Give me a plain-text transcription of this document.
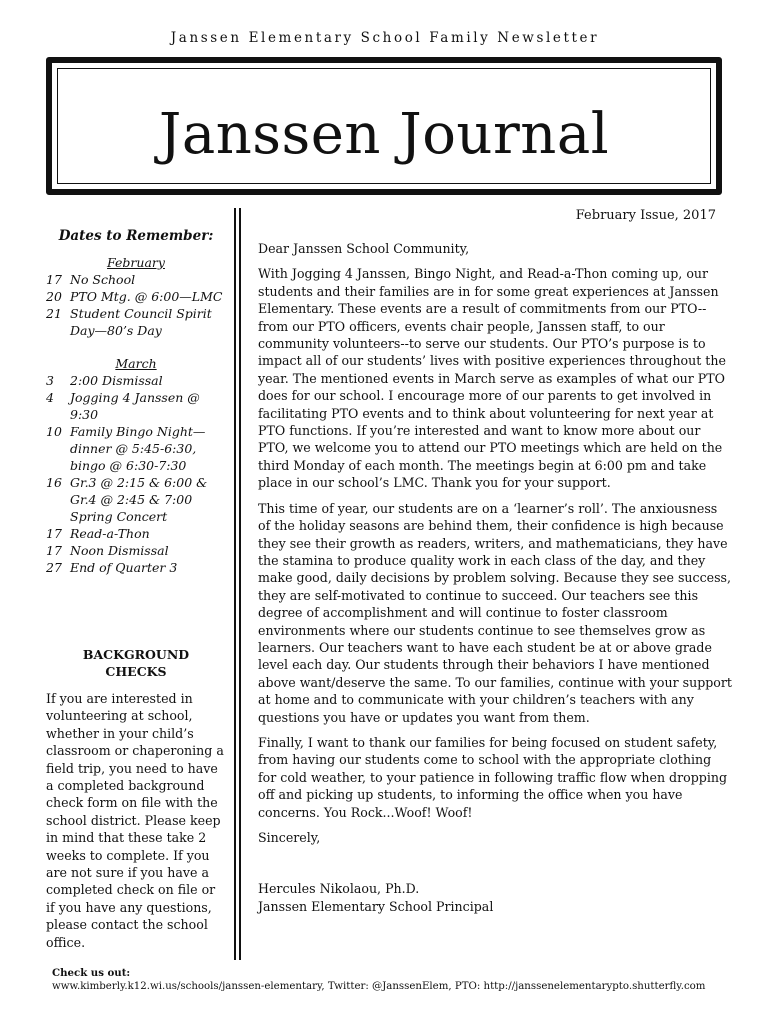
Janssen Elementary School Family Newsletter
Janssen Journal
February Issue, 2017

Dates to Remember:

February

17 No School
20 PTO Mtg. @ 6:00—LMC
21 Student Council Spirit Day—80’s Day

March

3	2:00 Dismissal
4	Jogging 4 Janssen @ 9:30
10 Family Bingo Night—dinner @ 5:45-6:30, bingo @ 6:30-7:30
16 Gr.3 @ 2:15 & 6:00 & Gr.4 @ 2:45 & 7:00 Spring Concert
17 Read-a-Thon
17 Noon Dismissal
27 End of Quarter 3
BACKGROUND
CHECKS

If you are interested in volunteering at school, whether in your child’s classroom or chaperoning a field trip, you need to have a completed background check form on file with the school district. Please keep in mind that these take 2 weeks to complete. If you are not sure if you have a completed check on file or if you have any questions, please contact the school office.

Dear Janssen School Community,

With Jogging 4 Janssen, Bingo Night, and Read-a-Thon coming up, our students and their families are in for some great experiences at Janssen Elementary. These events are a result of commitments from our PTO--from our PTO officers, events chair people, Janssen staff, to our community volunteers--to serve our students. Our PTO’s purpose is to impact all of our students’ lives with positive experiences throughout the year. The mentioned events in March serve as examples of what our PTO does for our school. I encourage more of our parents to get involved in facilitating PTO events and to think about volunteering for next year at PTO functions. If you’re interested and want to know more about our PTO, we welcome you to attend our PTO meetings which are held on the third Monday of each month. The meetings begin at 6:00 pm and take place in our school’s LMC. Thank you for your support.

This time of year, our students are on a ‘learner’s roll’. The anxiousness of the holiday seasons are behind them, their confidence is high because they see their growth as readers, writers, and mathematicians, they have the stamina to produce quality work in each class of the day, and they make good, daily decisions by problem solving. Because they see success, they are self-motivated to continue to succeed. Our teachers see this degree of accomplishment and will continue to foster classroom environments where our students continue to see themselves grow as learners. Our teachers want to have each student be at or above grade level each day. Our students through their behaviors I have mentioned above want/deserve the same. To our families, continue with your support at home and to communicate with your children’s teachers with any questions you have or updates you want from them.

Finally, I want to thank our families for being focused on student safety, from having our students come to school with the appropriate clothing for cold weather, to your patience in following traffic flow when dropping off and picking up students, to informing the office when you have concerns. You Rock...Woof! Woof!

Sincerely,

Hercules Nikolaou, Ph.D.

Janssen Elementary School Principal

Check us out:
www.kimberly.k12.wi.us/schools/janssen-elementary, Twitter: @JanssenElem, PTO: http://janssenelementarypto.shutterfly.com
